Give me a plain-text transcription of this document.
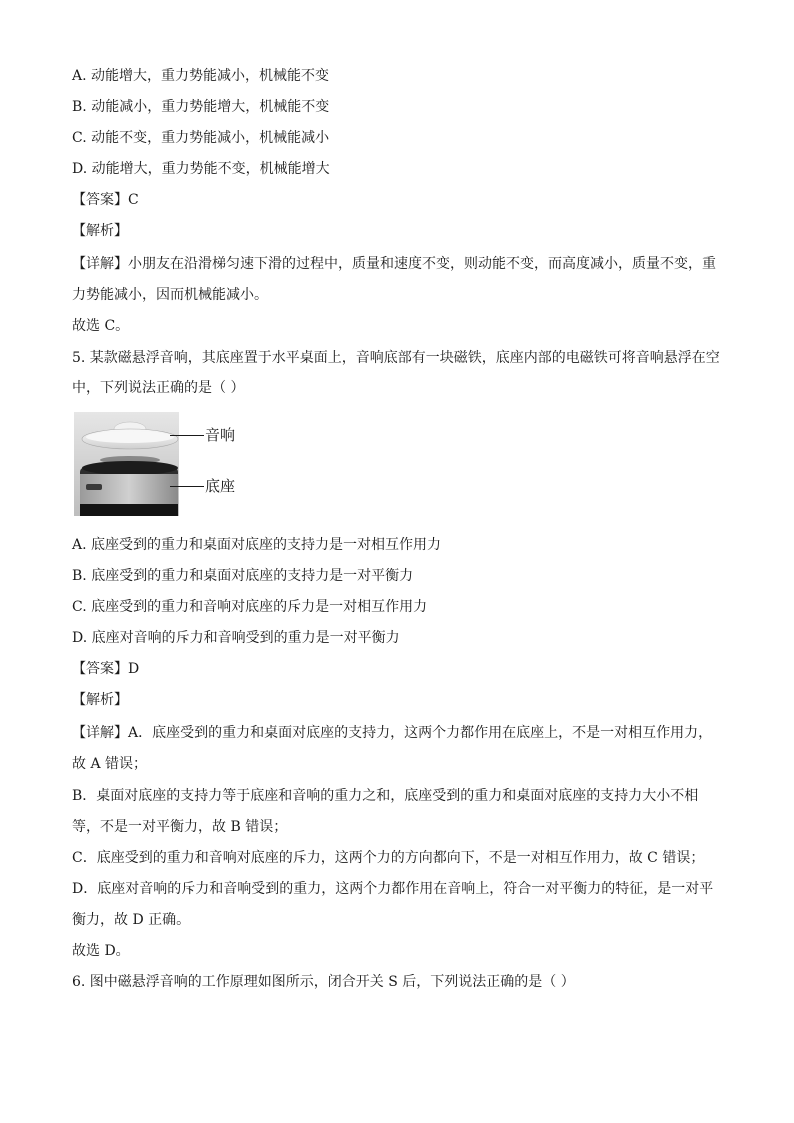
A. 动能增大，重力势能减小，机械能不变
B. 动能减小，重力势能增大，机械能不变
C. 动能不变，重力势能减小，机械能减小
D. 动能增大，重力势能不变，机械能增大
【答案】C
【解析】
【详解】小朋友在沿滑梯匀速下滑的过程中，质量和速度不变，则动能不变，而高度减小，质量不变，重
力势能减小，因而机械能减小。
故选 C。
5. 某款磁悬浮音响，其底座置于水平桌面上，音响底部有一块磁铁，底座内部的电磁铁可将音响悬浮在空
中，下列说法正确的是（ ）
音响
底座
A. 底座受到的重力和桌面对底座的支持力是一对相互作用力
B. 底座受到的重力和桌面对底座的支持力是一对平衡力
C. 底座受到的重力和音响对底座的斥力是一对相互作用力
D. 底座对音响的斥力和音响受到的重力是一对平衡力
【答案】D
【解析】
【详解】A．底座受到的重力和桌面对底座的支持力，这两个力都作用在底座上，不是一对相互作用力，
故 A 错误；
B．桌面对底座的支持力等于底座和音响的重力之和，底座受到的重力和桌面对底座的支持力大小不相
等，不是一对平衡力，故 B 错误；
C．底座受到的重力和音响对底座的斥力，这两个力的方向都向下，不是一对相互作用力，故 C 错误；
D．底座对音响的斥力和音响受到的重力，这两个力都作用在音响上，符合一对平衡力的特征，是一对平
衡力，故 D 正确。
故选 D。
6. 图中磁悬浮音响的工作原理如图所示，闭合开关 S 后，下列说法正确的是（ ）
